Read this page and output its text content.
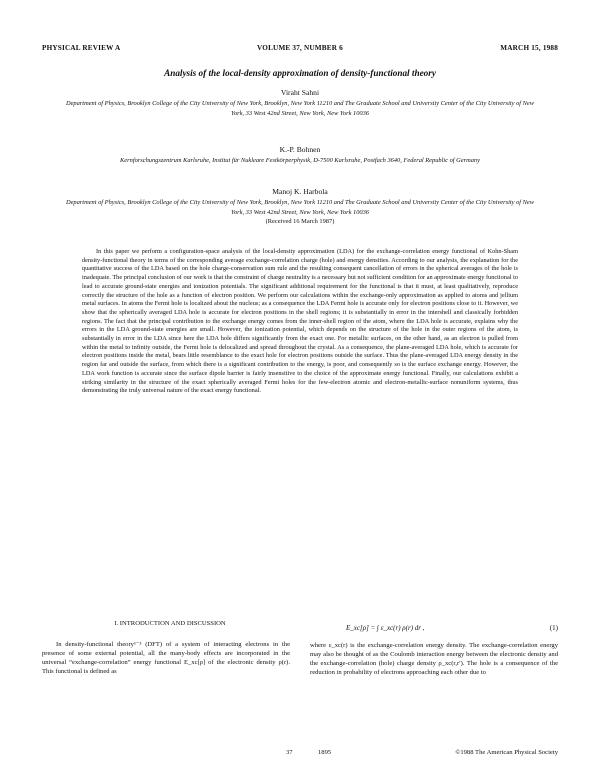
PHYSICAL REVIEW A	VOLUME 37, NUMBER 6	MARCH 15, 1988
Analysis of the local-density approximation of density-functional theory
Viraht Sahni
Department of Physics, Brooklyn College of the City University of New York, Brooklyn, New York 11210 and The Graduate School and University Center of the City University of New York, 33 West 42nd Street, New York, New York 10036
K.-P. Bohnen
Kernforschungszentrum Karlsruhe, Institut für Nukleare Festkörperphysik, D-7500 Karlsruhe, Postfach 3640, Federal Republic of Germany
Manoj K. Harbola
Department of Physics, Brooklyn College of the City University of New York, Brooklyn, New York 11210 and The Graduate School and University Center of the City University of New York, 33 West 42nd Street, New York, New York 10036
(Received 16 March 1987)
In this paper we perform a configuration-space analysis of the local-density approximation (LDA) for the exchange-correlation energy functional of Kohn-Sham density-functional theory in terms of the corresponding average exchange-correlation charge (hole) and energy densities. According to our analysis, the explanation for the quantitative success of the LDA based on the hole charge-conservation sum rule and the resulting consequent cancellation of errors in the spherical averages of the hole is inadequate. The principal conclusion of our work is that the constraint of charge neutrality is a necessary but not sufficient condition for an approximate energy functional to lead to accurate ground-state energies and ionization potentials. The significant additional requirement for the functional is that it must, at least qualitatively, reproduce correctly the structure of the hole as a function of electron position. We perform our calculations within the exchange-only approximation as applied to atoms and jellium metal surfaces. In atoms the Fermi hole is localized about the nucleus; as a consequence the LDA Fermi hole is accurate only for electron positions close to it. However, we show that the spherically averaged LDA hole is accurate for electron positions in the shell regions; it is substantially in error in the intershell and classically forbidden regions. The fact that the principal contribution to the exchange energy comes from the inner-shell region of the atom, where the LDA hole is accurate, explains why the errors in the LDA ground-state energies are small. However, the ionization potential, which depends on the structure of the hole in the outer regions of the atom, is substantially in error in the LDA since here the LDA hole differs significantly from the exact one. For metallic surfaces, on the other hand, as an electron is pulled from within the metal to infinity outside, the Fermi hole is delocalized and spread throughout the crystal. As a consequence, the plane-averaged LDA hole, which is accurate for electron positions inside the metal, bears little resemblance to the exact hole for electron positions outside the surface. Thus the plane-averaged LDA energy density in the region far and outside the surface, from which there is a significant contribution to the energy, is poor, and consequently so is the surface exchange energy. However, the LDA work function is accurate since the surface dipole barrier is fairly insensitive to the choice of the approximate energy functional. Finally, our calculations exhibit a striking similarity in the structure of the exact spherically averaged Fermi holes for the few-electron atomic and electron-metallic-surface nonuniform systems, thus demonstrating the truly universal nature of the exact energy functional.
I. INTRODUCTION AND DISCUSSION
In density-functional theory¹⁻³ (DFT) of a system of interacting electrons in the presence of some external potential, all the many-body effects are incorporated in the universal “exchange-correlation” energy functional E_xc[ρ] of the electronic density ρ(r). This functional is defined as
E_xc[ρ] = ∫ ε_xc(r) ρ(r) dr ,	(1)
where ε_xc(r) is the exchange-correlation energy density. The exchange-correlation energy may also be thought of as the Coulomb interaction energy between the electronic density and the exchange-correlation (hole) charge density ρ_xc(r,r′). The hole is a consequence of the reduction in probability of electrons approaching each other due to
37	1895	©1988 The American Physical Society
